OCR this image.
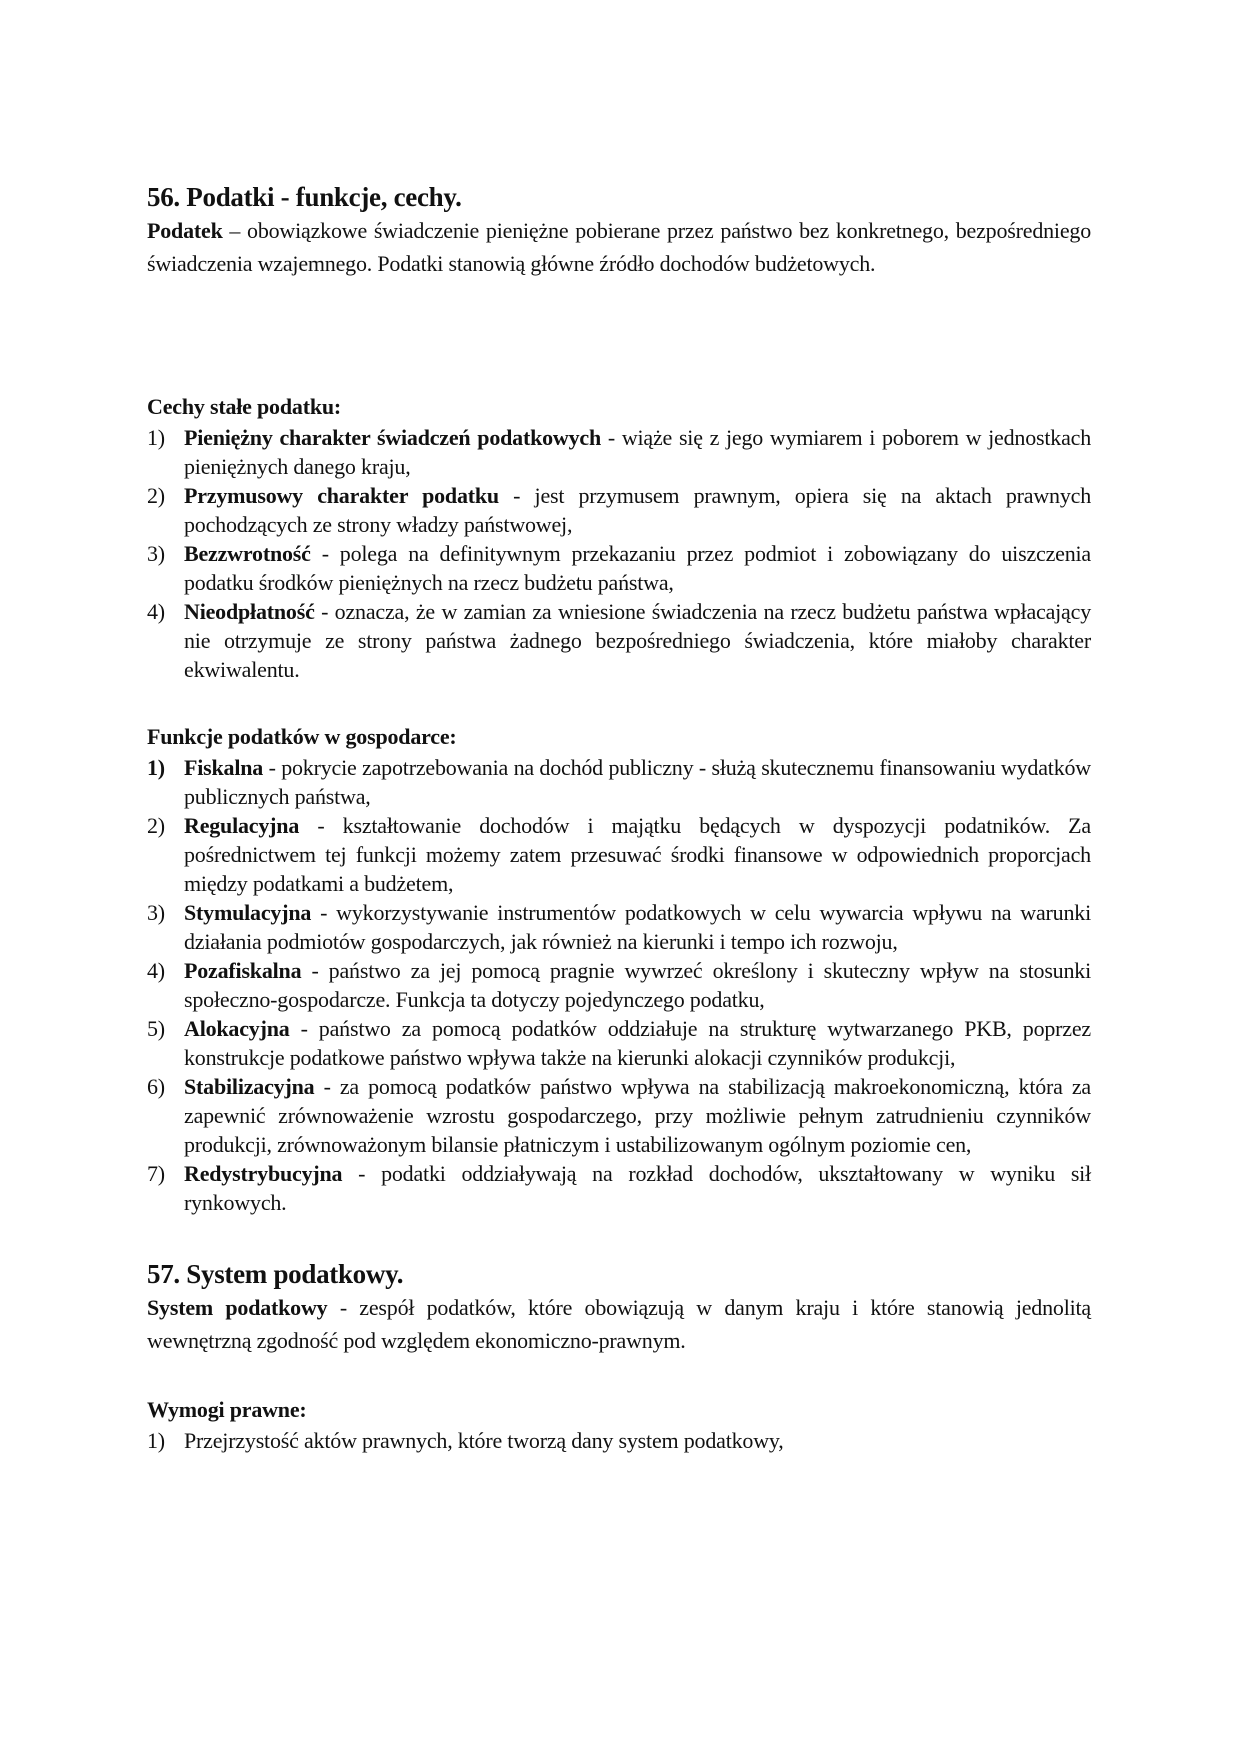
56. Podatki - funkcje, cechy.

Podatek – obowiązkowe świadczenie pieniężne pobierane przez państwo bez konkretnego, bezpośredniego świadczenia wzajemnego. Podatki stanowią główne źródło dochodów budżetowych.

Cechy stałe podatku:
1) Pieniężny charakter świadczeń podatkowych - wiąże się z jego wymiarem i poborem w jednostkach pieniężnych danego kraju,
2) Przymusowy charakter podatku - jest przymusem prawnym, opiera się na aktach prawnych pochodzących ze strony władzy państwowej,
3) Bezzwrotność - polega na definitywnym przekazaniu przez podmiot i zobowiązany do uiszczenia podatku środków pieniężnych na rzecz budżetu państwa,
4) Nieodpłatność - oznacza, że w zamian za wniesione świadczenia na rzecz budżetu państwa wpłacający nie otrzymuje ze strony państwa żadnego bezpośredniego świadczenia, które miałoby charakter ekwiwalentu.
Funkcje podatków w gospodarce:
1) Fiskalna - pokrycie zapotrzebowania na dochód publiczny - służą skutecznemu finansowaniu wydatków publicznych państwa,
2) Regulacyjna - kształtowanie dochodów i majątku będących w dyspozycji podatników. Za pośrednictwem tej funkcji możemy zatem przesuwać środki finansowe w odpowiednich proporcjach między podatkami a budżetem,
3) Stymulacyjna - wykorzystywanie instrumentów podatkowych w celu wywarcia wpływu na warunki działania podmiotów gospodarczych, jak również na kierunki i tempo ich rozwoju,
4) Pozafiskalna - państwo za jej pomocą pragnie wywrzeć określony i skuteczny wpływ na stosunki społeczno-gospodarcze. Funkcja ta dotyczy pojedynczego podatku,
5) Alokacyjna - państwo za pomocą podatków oddziałuje na strukturę wytwarzanego PKB, poprzez konstrukcje podatkowe państwo wpływa także na kierunki alokacji czynników produkcji,
6) Stabilizacyjna - za pomocą podatków państwo wpływa na stabilizacją makroekonomiczną, która za zapewnić zrównoważenie wzrostu gospodarczego, przy możliwie pełnym zatrudnieniu czynników produkcji, zrównoważonym bilansie płatniczym i ustabilizowanym ogólnym poziomie cen,
7) Redystrybucyjna - podatki oddziaływają na rozkład dochodów, ukształtowany w wyniku sił rynkowych.
57. System podatkowy.

System podatkowy - zespół podatków, które obowiązują w danym kraju i które stanowią jednolitą wewnętrzną zgodność pod względem ekonomiczno-prawnym.

Wymogi prawne:
1) Przejrzystość aktów prawnych, które tworzą dany system podatkowy,
